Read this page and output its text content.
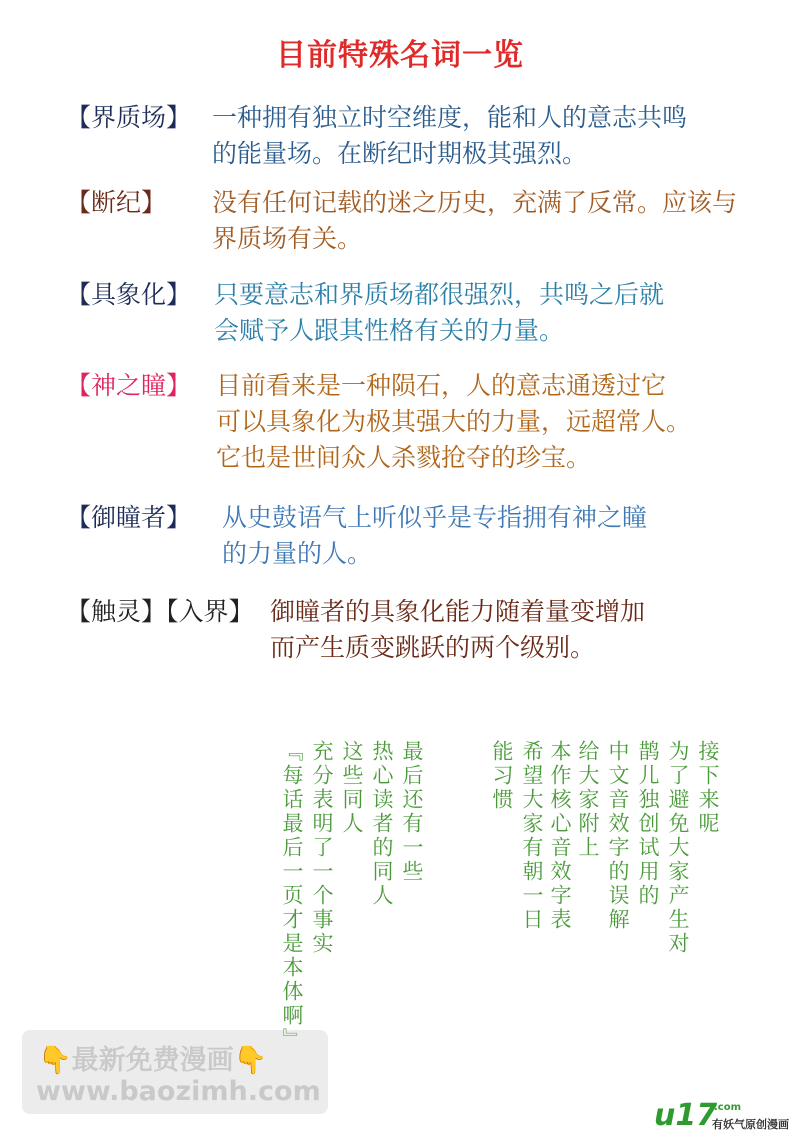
目前特殊名词一览
【界质场】 一种拥有独立时空维度，能和人的意志共鸣
的能量场。在断纪时期极其强烈。
【断纪】 没有任何记载的迷之历史，充满了反常。应该与
界质场有关。
【具象化】 只要意志和界质场都很强烈，共鸣之后就
会赋予人跟其性格有关的力量。
【神之瞳】 目前看来是一种陨石，人的意志通透过它
可以具象化为极其强大的力量，远超常人。
它也是世间众人杀戮抢夺的珍宝。
【御瞳者】 从史鼓语气上听似乎是专指拥有神之瞳
的力量的人。
【触灵】【入界】 御瞳者的具象化能力随着量变增加
而产生质变跳跃的两个级别。
接下来呢
为了避免大家产生对
鹊儿独创试用的
中文音效字的误解
给大家附上
本作核心音效字表
希望大家有朝一日
能习惯
最后还有一些
热心读者的同人
这些同人
充分表明了一个事实
『每话最后一页才是本体啊』
👇最新免费漫画👇
www.baozimh.com
u17
.com
有妖气原创漫画
